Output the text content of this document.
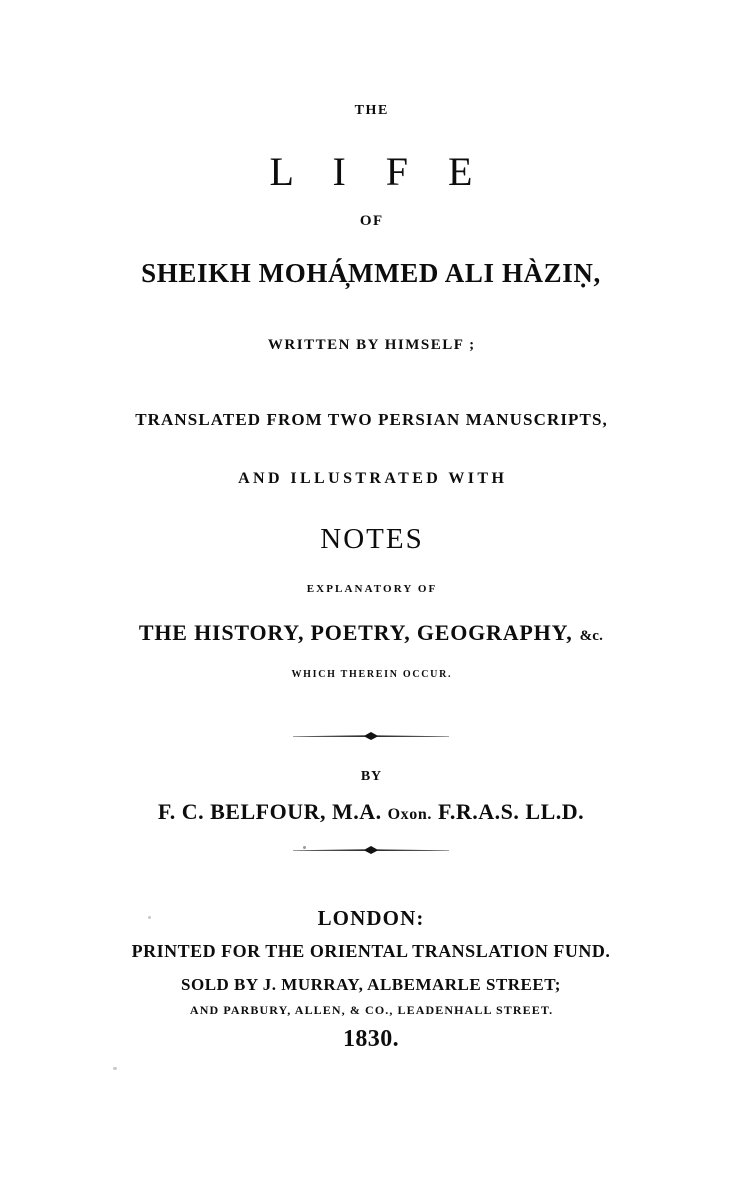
THE
L I F E
OF
SHEIKH MOHÁ̦MMED ALI HÀZIṆ,
WRITTEN BY HIMSELF ;
TRANSLATED FROM TWO PERSIAN MANUSCRIPTS,
AND ILLUSTRATED WITH
NOTES
EXPLANATORY OF
THE HISTORY, POETRY, GEOGRAPHY, &c.
WHICH THEREIN OCCUR.
BY
F. C. BELFOUR, M.A. Oxon. F.R.A.S. LL.D.
LONDON:
PRINTED FOR THE ORIENTAL TRANSLATION FUND.
SOLD BY J. MURRAY, ALBEMARLE STREET;
AND PARBURY, ALLEN, & CO., LEADENHALL STREET.
1830.
